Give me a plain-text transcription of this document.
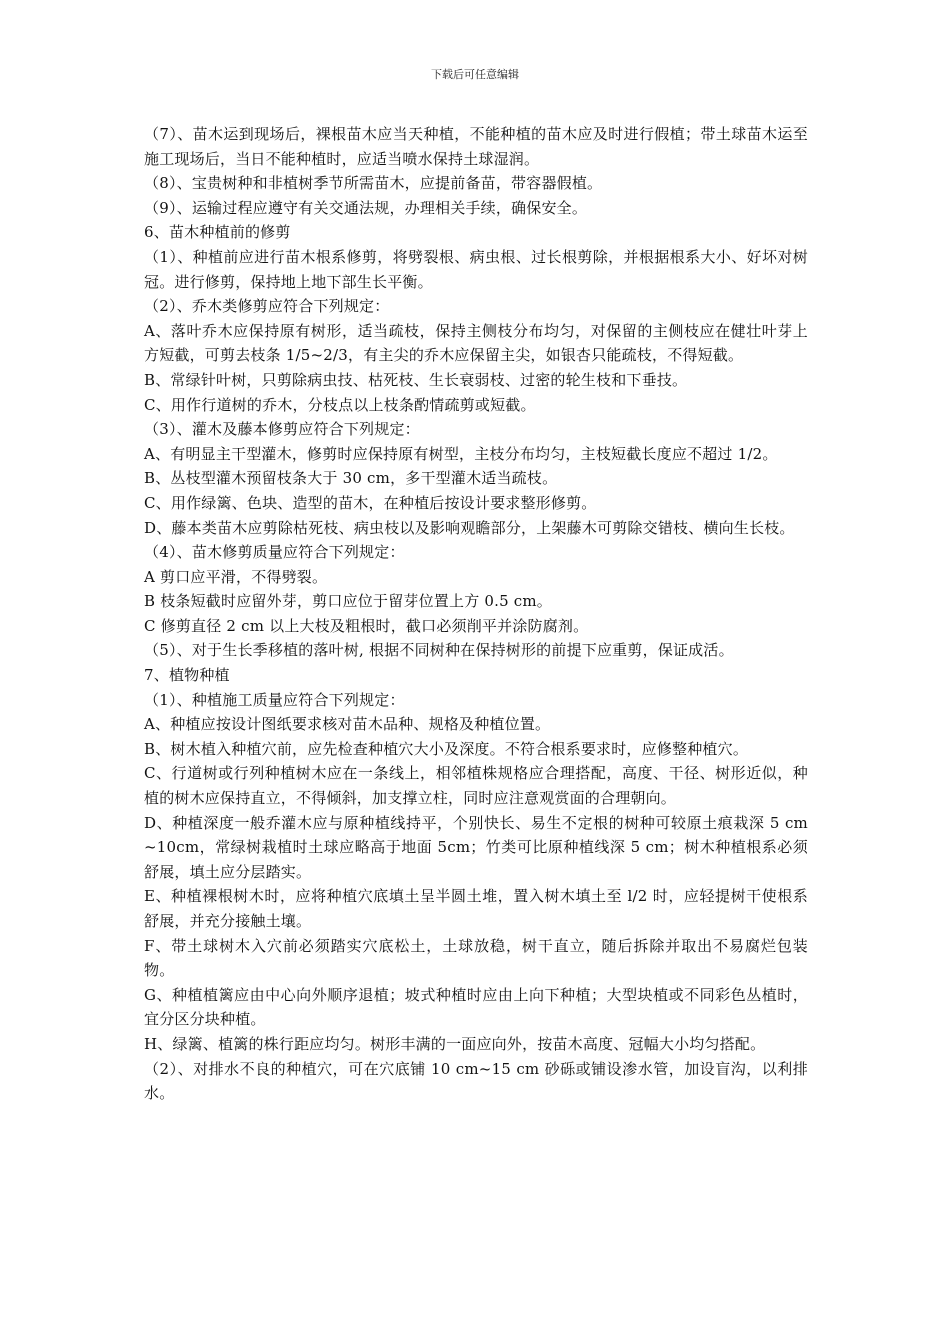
下载后可任意编辑

（7）、苗木运到现场后，裸根苗木应当天种植，不能种植的苗木应及时进行假植；带土球苗木运至施工现场后，当日不能种植时，应适当喷水保持土球湿润。

（8）、宝贵树种和非植树季节所需苗木，应提前备苗，带容器假植。

（9）、运输过程应遵守有关交通法规，办理相关手续，确保安全。

6、苗木种植前的修剪

（1）、种植前应进行苗木根系修剪，将劈裂根、病虫根、过长根剪除，并根据根系大小、好坏对树冠。进行修剪，保持地上地下部生长平衡。

（2）、乔木类修剪应符合下列规定：

A、落叶乔木应保持原有树形，适当疏枝，保持主侧枝分布均匀，对保留的主侧枝应在健壮叶芽上方短截，可剪去枝条 1/5~2/3，有主尖的乔木应保留主尖，如银杏只能疏枝，不得短截。

B、常绿针叶树，只剪除病虫技、枯死枝、生长衰弱枝、过密的轮生枝和下垂技。

C、用作行道树的乔木，分枝点以上枝条酌情疏剪或短截。

（3）、灌木及藤本修剪应符合下列规定：

A、有明显主干型灌木，修剪时应保持原有树型，主枝分布均匀，主枝短截长度应不超过 1/2。

B、丛枝型灌木预留枝条大于 30 cm，多干型灌木适当疏枝。

C、用作绿篱、色块、造型的苗木，在种植后按设计要求整形修剪。

D、藤本类苗木应剪除枯死枝、病虫枝以及影响观瞻部分，上架藤木可剪除交错枝、横向生长枝。

（4）、苗木修剪质量应符合下列规定：

A 剪口应平滑，不得劈裂。

B 枝条短截时应留外芽，剪口应位于留芽位置上方 0.5 cm。

C 修剪直径 2 cm 以上大枝及粗根时，截口必须削平并涂防腐剂。

（5）、对于生长季移植的落叶树, 根据不同树种在保持树形的前提下应重剪，保证成活。

7、植物种植

（1）、种植施工质量应符合下列规定：

A、种植应按设计图纸要求核对苗木品种、规格及种植位置。

B、树木植入种植穴前，应先检查种植穴大小及深度。不符合根系要求时，应修整种植穴。

C、行道树或行列种植树木应在一条线上，相邻植株规格应合理搭配，高度、干径、树形近似，种植的树木应保持直立，不得倾斜，加支撑立柱，同时应注意观赏面的合理朝向。

D、种植深度一般乔灌木应与原种植线持平，个别快长、易生不定根的树种可较原土痕栽深 5 cm ~10cm，常绿树栽植时土球应略高于地面 5cm；竹类可比原种植线深 5 cm；树木种植根系必须舒展，填土应分层踏实。

E、种植裸根树木时，应将种植穴底填土呈半圆土堆，置入树木填土至 l/2 时，应轻提树干使根系舒展，并充分接触土壤。

F、带土球树木入穴前必须踏实穴底松土，土球放稳，树干直立，随后拆除并取出不易腐烂包装物。

G、种植植篱应由中心向外顺序退植；坡式种植时应由上向下种植；大型块植或不同彩色丛植时，宜分区分块种植。

H、绿篱、植篱的株行距应均匀。树形丰满的一面应向外，按苗木高度、冠幅大小均匀搭配。

（2）、对排水不良的种植穴，可在穴底铺 10 cm~15 cm 砂砾或铺设渗水管，加设盲沟，以利排水。
